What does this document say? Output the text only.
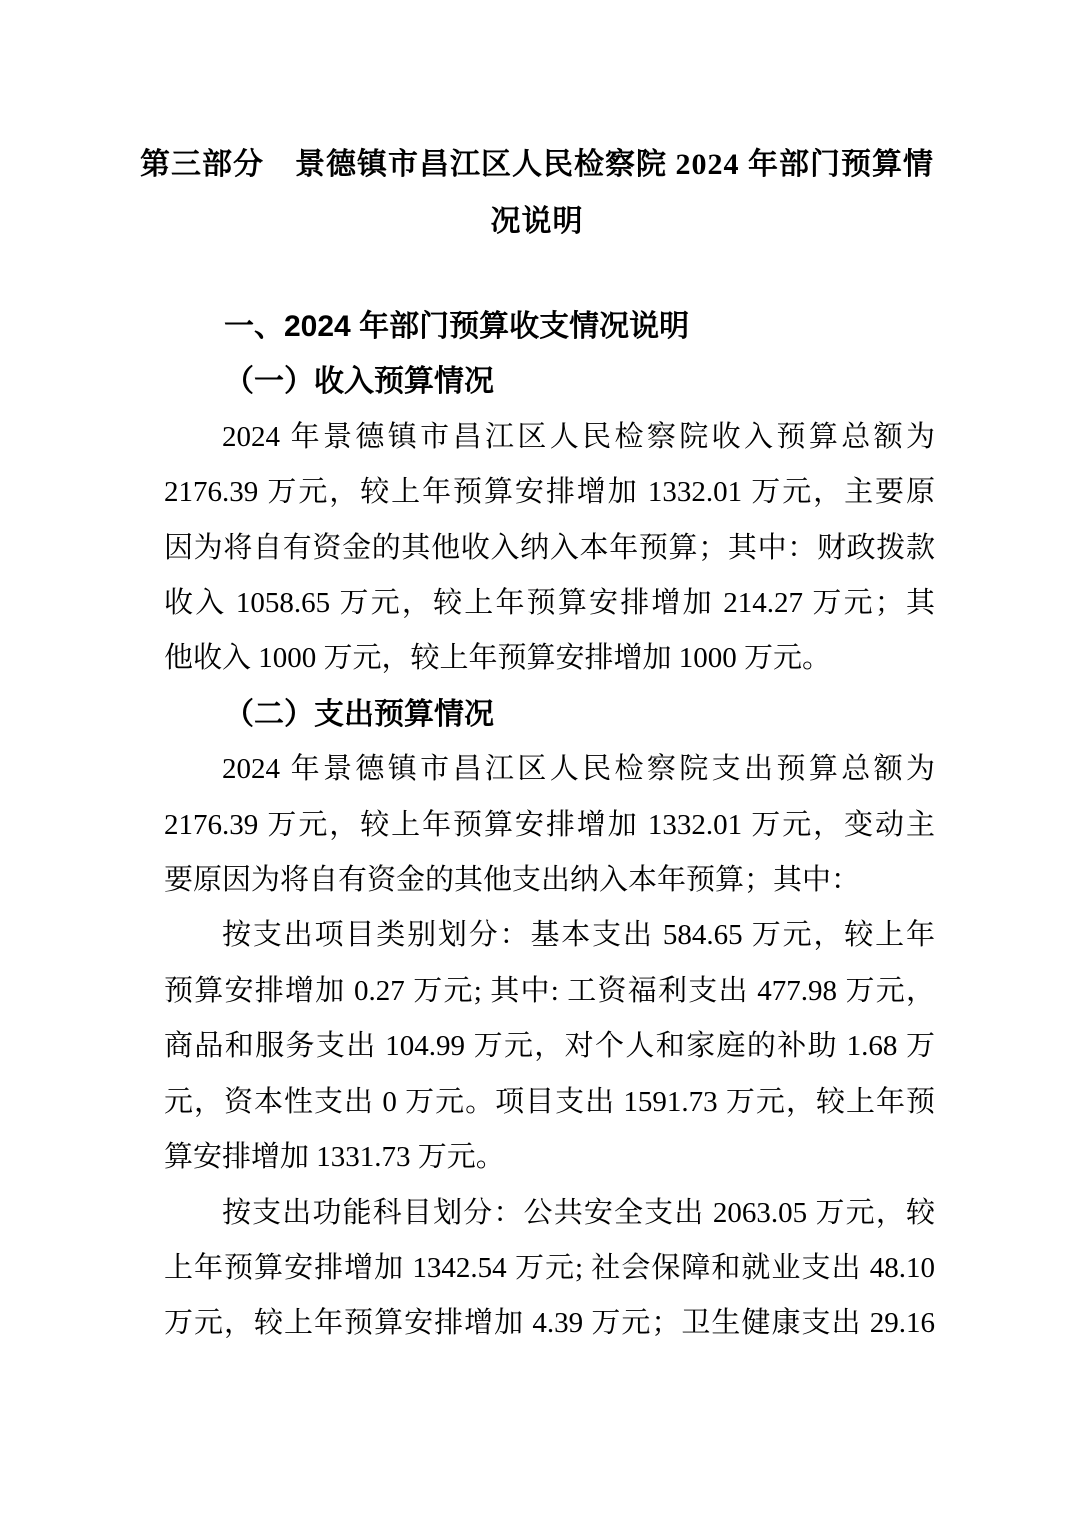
第三部分　景德镇市昌江区人民检察院 2024 年部门预算情
况说明
一、2024 年部门预算收支情况说明
（一）收入预算情况
2024 年景德镇市昌江区人民检察院收入预算总额为
2176.39 万元，较上年预算安排增加 1332.01 万元，主要原
因为将自有资金的其他收入纳入本年预算；其中：财政拨款
收入 1058.65 万元，较上年预算安排增加 214.27 万元；其
他收入 1000 万元，较上年预算安排增加 1000 万元。
（二）支出预算情况
2024 年景德镇市昌江区人民检察院支出预算总额为
2176.39 万元，较上年预算安排增加 1332.01 万元，变动主
要原因为将自有资金的其他支出纳入本年预算；其中：
按支出项目类别划分：基本支出 584.65 万元，较上年
预算安排增加 0.27 万元; 其中: 工资福利支出 477.98 万元，
商品和服务支出 104.99 万元，对个人和家庭的补助 1.68 万
元，资本性支出 0 万元。项目支出 1591.73 万元，较上年预
算安排增加 1331.73 万元。
按支出功能科目划分：公共安全支出 2063.05 万元，较
上年预算安排增加 1342.54 万元; 社会保障和就业支出 48.10
万元，较上年预算安排增加 4.39 万元；卫生健康支出 29.16
